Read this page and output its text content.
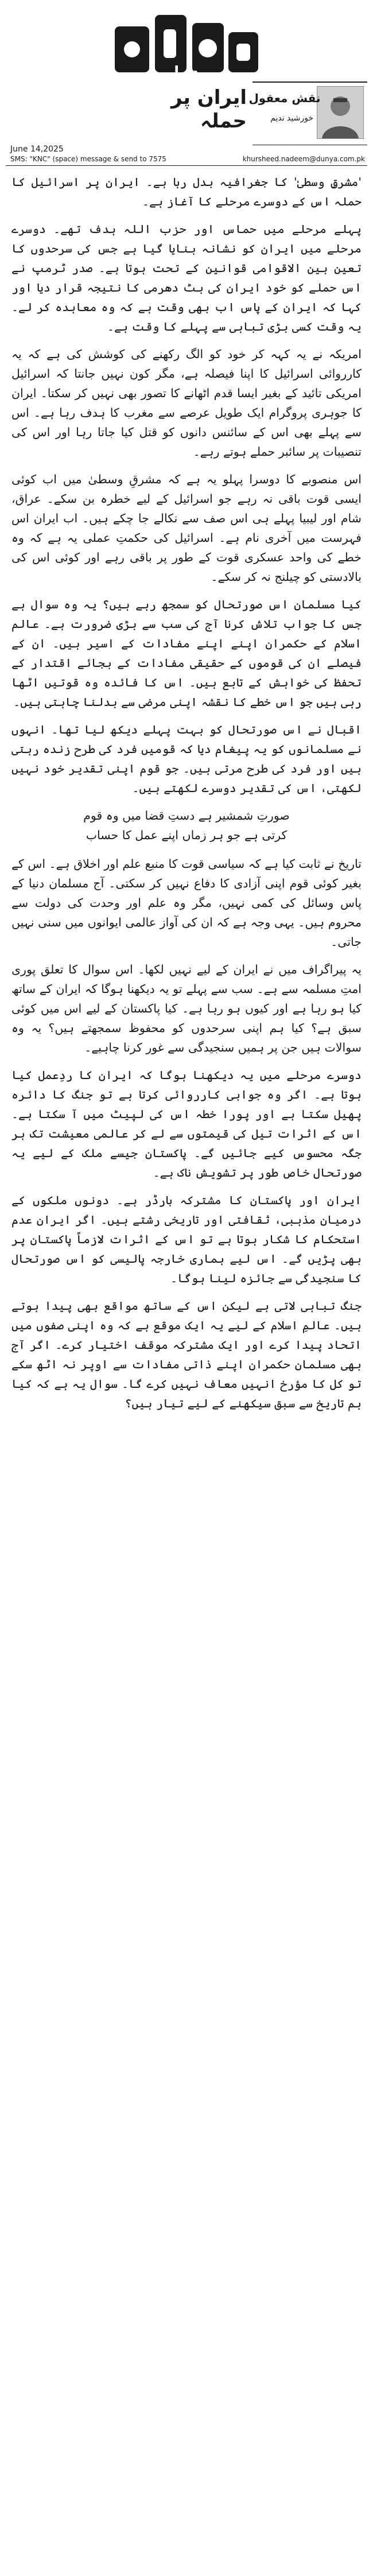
دنیا
ایران پر حملہ
نقش معقول
خورشید ندیم
June 14,2025
SMS: "KNC" (space) message & send to 7575	khursheed.nadeem@dunya.com.pk

'مشرقِ وسطیٰ' کا جغرافیہ بدل رہا ہے۔ ایران پر اسرائیل کا حملہ اس کے دوسرے مرحلے کا آغاز ہے۔

پہلے مرحلے میں حماس اور حزب اللہ ہدف تھے۔ دوسرے مرحلے میں ایران کو نشانہ بنایا گیا ہے جس کی سرحدوں کا تعین بین الاقوامی قوانین کے تحت ہوتا ہے۔ صدر ٹرمپ نے اس حملے کو خود ایران کی ہٹ دھرمی کا نتیجہ قرار دیا اور کہا کہ ایران کے پاس اب بھی وقت ہے کہ وہ معاہدہ کر لے۔ یہ وقت کسی بڑی تباہی سے پہلے کا وقت ہے۔

امریکہ نے یہ کہہ کر خود کو الگ رکھنے کی کوشش کی ہے کہ یہ کارروائی اسرائیل کا اپنا فیصلہ ہے، مگر کون نہیں جانتا کہ اسرائیل امریکی تائید کے بغیر ایسا قدم اٹھانے کا تصور بھی نہیں کر سکتا۔ ایران کا جوہری پروگرام ایک طویل عرصے سے مغرب کا ہدف رہا ہے۔ اس سے پہلے بھی اس کے سائنس دانوں کو قتل کیا جاتا رہا اور اس کی تنصیبات پر سائبر حملے ہوتے رہے۔

اس منصوبے کا دوسرا پہلو یہ ہے کہ مشرقِ وسطیٰ میں اب کوئی ایسی قوت باقی نہ رہے جو اسرائیل کے لیے خطرہ بن سکے۔ عراق، شام اور لیبیا پہلے ہی اس صف سے نکالے جا چکے ہیں۔ اب ایران اس فہرست میں آخری نام ہے۔ اسرائیل کی حکمتِ عملی یہ ہے کہ وہ خطے کی واحد عسکری قوت کے طور پر باقی رہے اور کوئی اس کی بالادستی کو چیلنج نہ کر سکے۔

کیا مسلمان اس صورتحال کو سمجھ رہے ہیں؟ یہ وہ سوال ہے جس کا جواب تلاش کرنا آج کی سب سے بڑی ضرورت ہے۔ عالم اسلام کے حکمران اپنے اپنے مفادات کے اسیر ہیں۔ ان کے فیصلے ان کی قوموں کے حقیقی مفادات کے بجائے اقتدار کے تحفظ کی خواہش کے تابع ہیں۔ اس کا فائدہ وہ قوتیں اٹھا رہی ہیں جو اس خطے کا نقشہ اپنی مرضی سے بدلنا چاہتی ہیں۔

اقبال نے اس صورتحال کو بہت پہلے دیکھ لیا تھا۔ انہوں نے مسلمانوں کو یہ پیغام دیا کہ قومیں فرد کی طرح زندہ رہتی ہیں اور فرد کی طرح مرتی ہیں۔ جو قوم اپنی تقدیر خود نہیں لکھتی، اس کی تقدیر دوسرے لکھتے ہیں۔

صورتِ شمشیر ہے دستِ قضا میں وہ قوم
کرتی ہے جو ہر زماں اپنے عمل کا حساب

تاریخ نے ثابت کیا ہے کہ سیاسی قوت کا منبع علم اور اخلاق ہے۔ اس کے بغیر کوئی قوم اپنی آزادی کا دفاع نہیں کر سکتی۔ آج مسلمان دنیا کے پاس وسائل کی کمی نہیں، مگر وہ علم اور وحدت کی دولت سے محروم ہیں۔ یہی وجہ ہے کہ ان کی آواز عالمی ایوانوں میں سنی نہیں جاتی۔

یہ پیراگراف میں نے ایران کے لیے نہیں لکھا۔ اس سوال کا تعلق پوری امتِ مسلمہ سے ہے۔ سب سے پہلے تو یہ دیکھنا ہوگا کہ ایران کے ساتھ کیا ہو رہا ہے اور کیوں ہو رہا ہے۔ کیا پاکستان کے لیے اس میں کوئی سبق ہے؟ کیا ہم اپنی سرحدوں کو محفوظ سمجھتے ہیں؟ یہ وہ سوالات ہیں جن پر ہمیں سنجیدگی سے غور کرنا چاہیے۔

دوسرے مرحلے میں یہ دیکھنا ہوگا کہ ایران کا ردِعمل کیا ہوتا ہے۔ اگر وہ جوابی کارروائی کرتا ہے تو جنگ کا دائرہ پھیل سکتا ہے اور پورا خطہ اس کی لپیٹ میں آ سکتا ہے۔ اس کے اثرات تیل کی قیمتوں سے لے کر عالمی معیشت تک ہر جگہ محسوس کیے جائیں گے۔ پاکستان جیسے ملک کے لیے یہ صورتحال خاص طور پر تشویش ناک ہے۔

ایران اور پاکستان کا مشترکہ بارڈر ہے۔ دونوں ملکوں کے درمیان مذہبی، ثقافتی اور تاریخی رشتے ہیں۔ اگر ایران عدم استحکام کا شکار ہوتا ہے تو اس کے اثرات لازماً پاکستان پر بھی پڑیں گے۔ اس لیے ہماری خارجہ پالیسی کو اس صورتحال کا سنجیدگی سے جائزہ لینا ہوگا۔

جنگ تباہی لاتی ہے لیکن اس کے ساتھ مواقع بھی پیدا ہوتے ہیں۔ عالمِ اسلام کے لیے یہ ایک موقع ہے کہ وہ اپنی صفوں میں اتحاد پیدا کرے اور ایک مشترکہ موقف اختیار کرے۔ اگر آج بھی مسلمان حکمران اپنے ذاتی مفادات سے اوپر نہ اٹھ سکے تو کل کا مؤرخ انہیں معاف نہیں کرے گا۔ سوال یہ ہے کہ کیا ہم تاریخ سے سبق سیکھنے کے لیے تیار ہیں؟
